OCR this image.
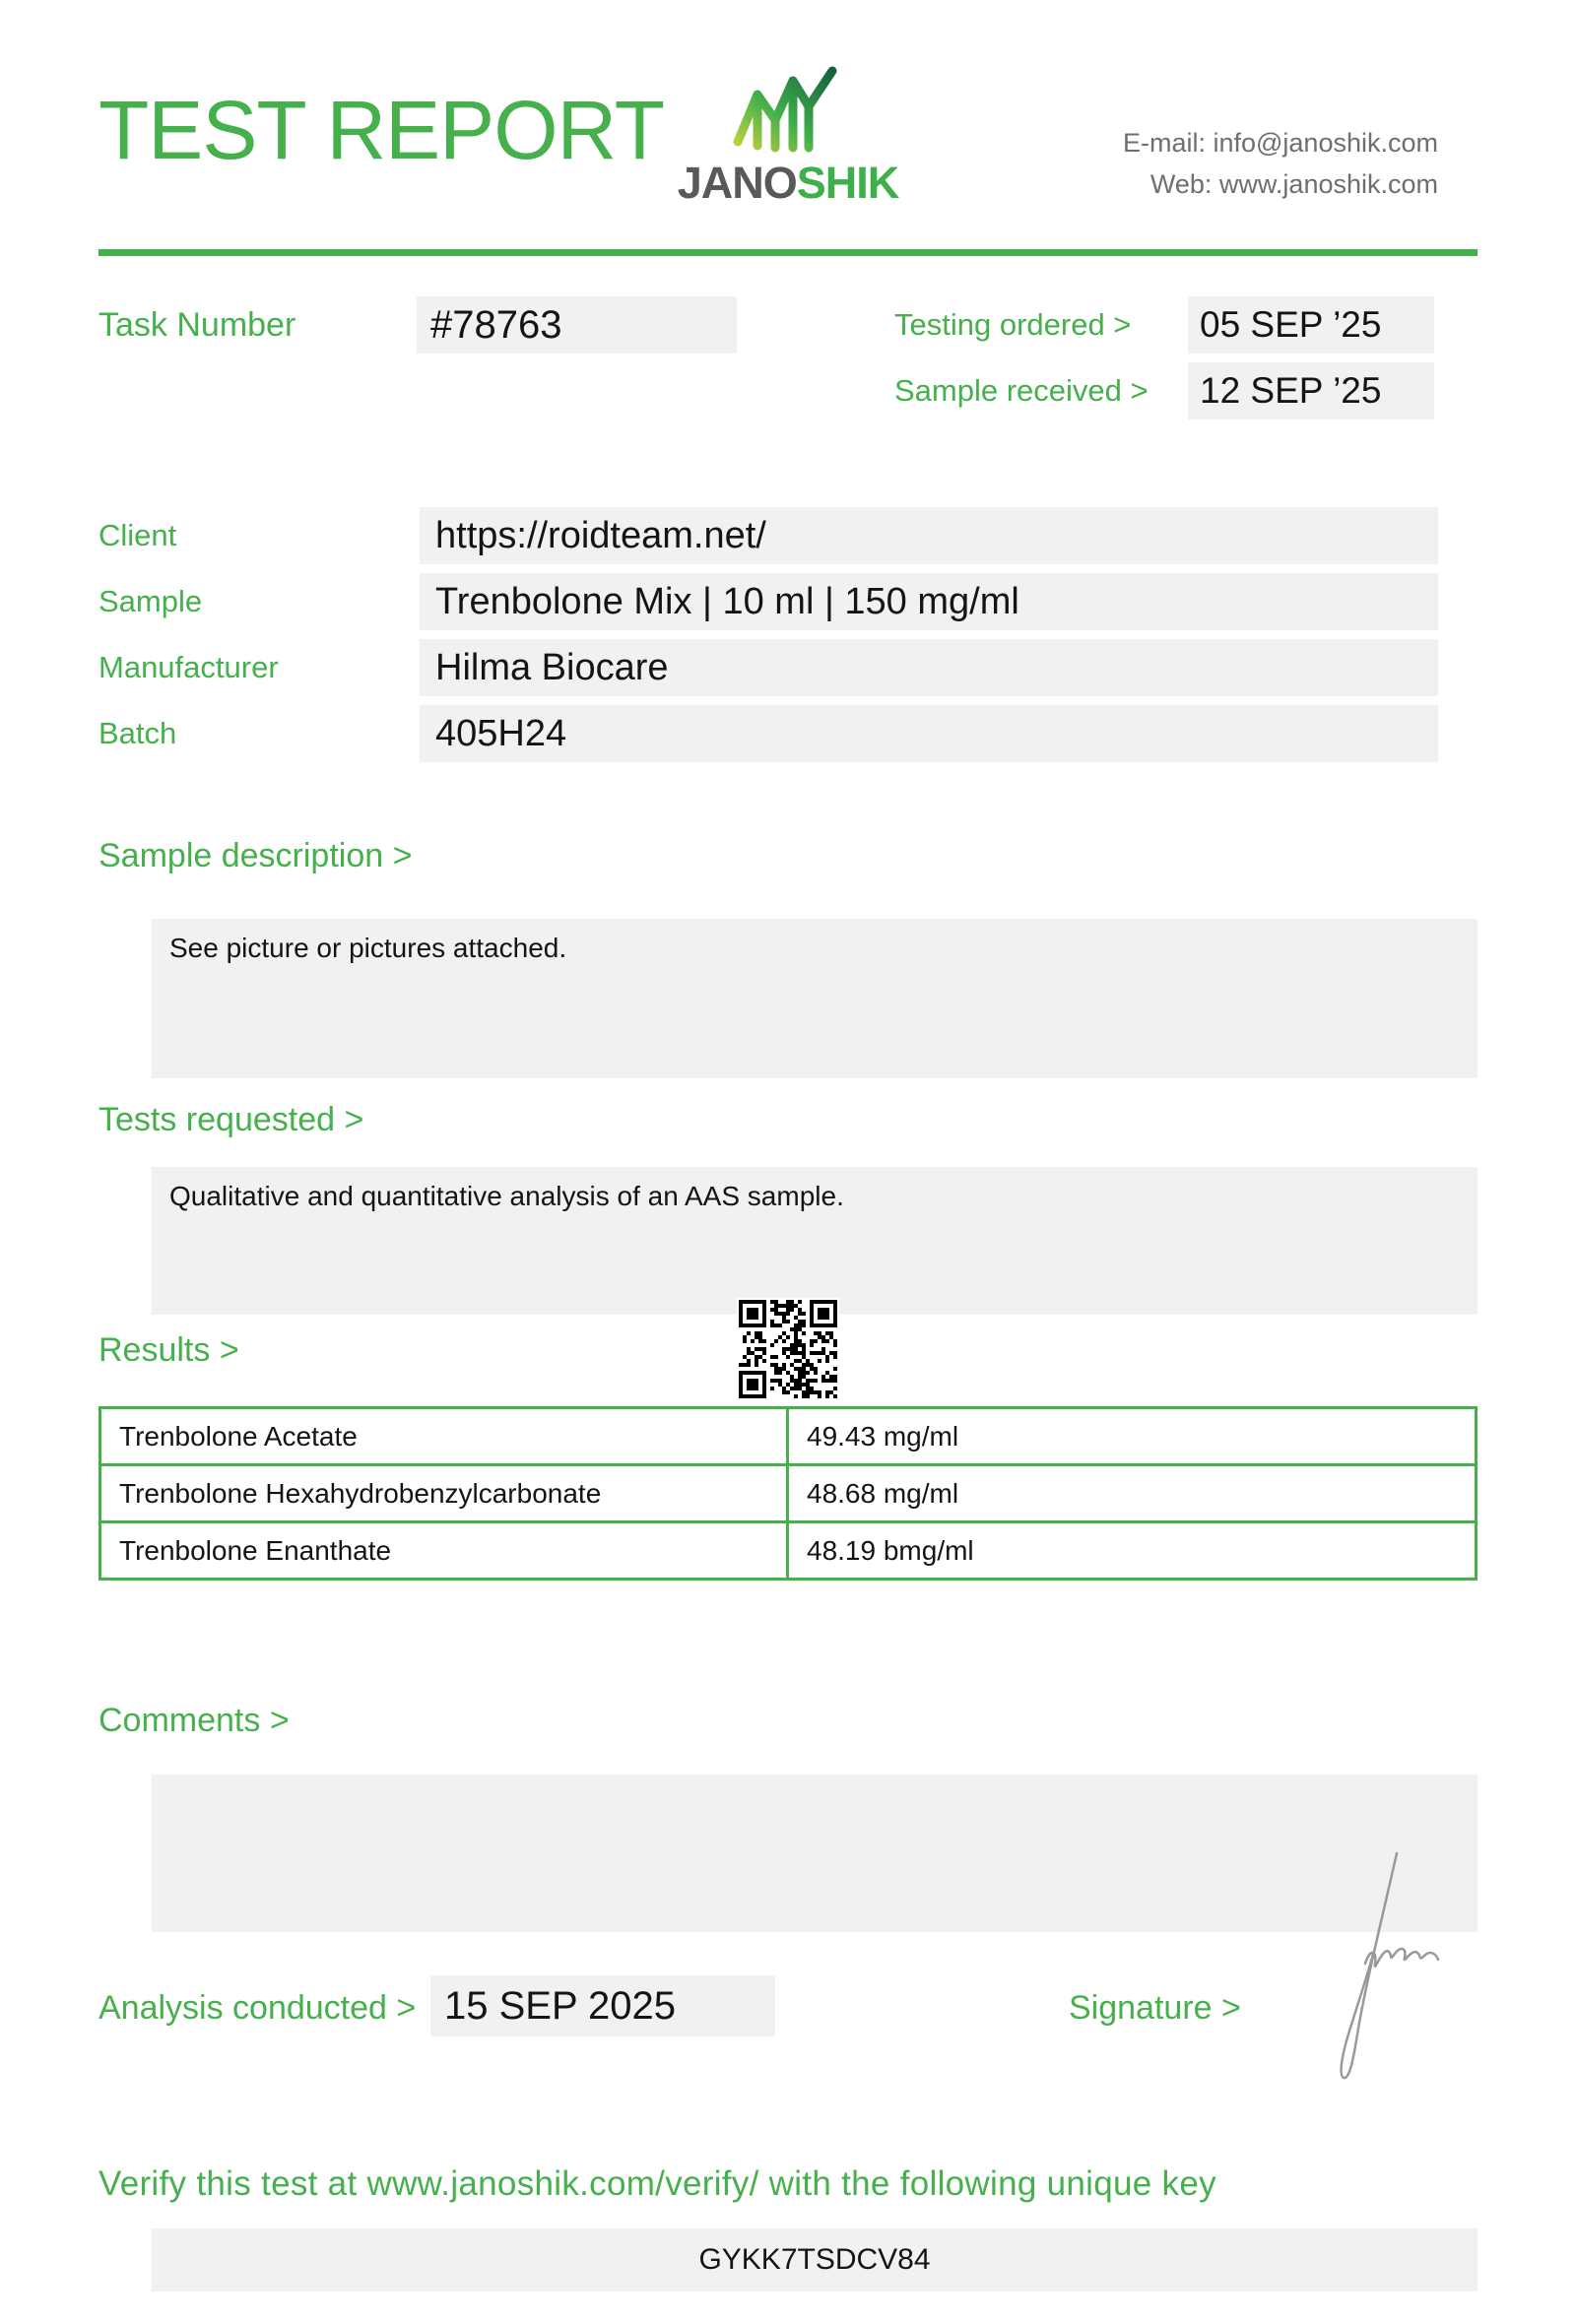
TEST REPORT
JANOSHIK
E-mail: info@janoshik.com
Web: www.janoshik.com
Task Number	#78763	Testing ordered >	05 SEP ’25
Sample received >	12 SEP ’25
Client	https://roidteam.net/
Sample	Trenbolone Mix | 10 ml | 150 mg/ml
Manufacturer	Hilma Biocare
Batch	405H24
Sample description >
See picture or pictures attached.
Tests requested >
Qualitative and quantitative analysis of an AAS sample.
Results >
Trenbolone Acetate	49.43 mg/ml
Trenbolone Hexahydrobenzylcarbonate	48.68 mg/ml
Trenbolone Enanthate	48.19 bmg/ml
Comments >
Analysis conducted > 15 SEP 2025	Signature >
Verify this test at www.janoshik.com/verify/ with the following unique key
GYKK7TSDCV84
